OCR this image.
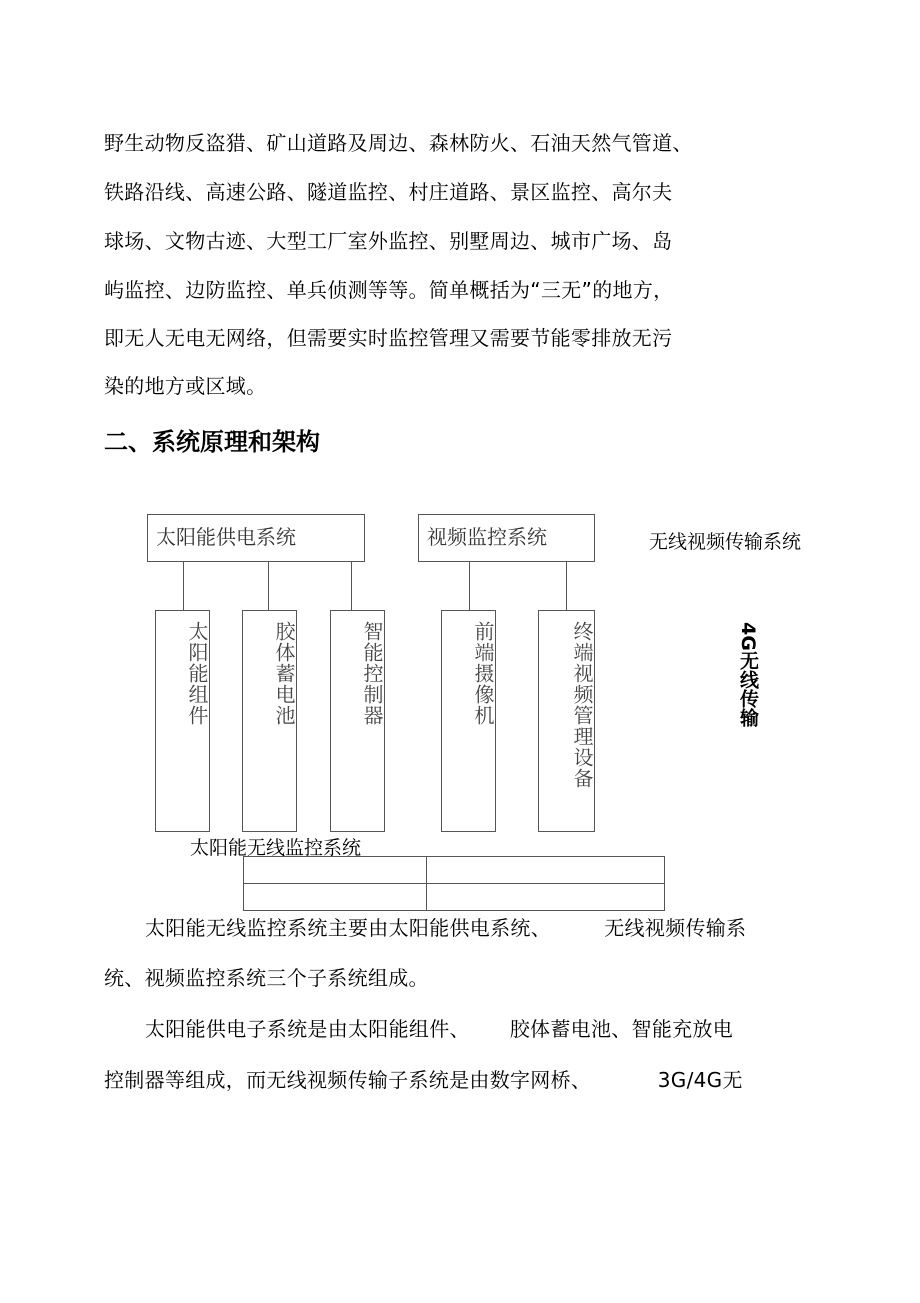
野生动物反盗猎、矿山道路及周边、森林防火、石油天然气管道、

铁路沿线、高速公路、隧道监控、村庄道路、景区监控、高尔夫

球场、文物古迹、大型工厂室外监控、别墅周边、城市广场、岛

屿监控、边防监控、单兵侦测等等。简单概括为“三无”的地方，

即无人无电无网络，但需要实时监控管理又需要节能零排放无污

染的地方或区域。

二、系统原理和架构
太阳能供电系统	视频监控系统	无线视频传输系统
太阳能组件	胶体蓄电池	智能控制器	前端摄像机	终端视频管理设备	4G无线传输
太阳能无线监控系统

太阳能无线监控系统主要由太阳能供电系统、        无线视频传输系

统、视频监控系统三个子系统组成。

太阳能供电子系统是由太阳能组件、      胶体蓄电池、智能充放电

控制器等组成，而无线视频传输子系统是由数字网桥、          3G/4G无
